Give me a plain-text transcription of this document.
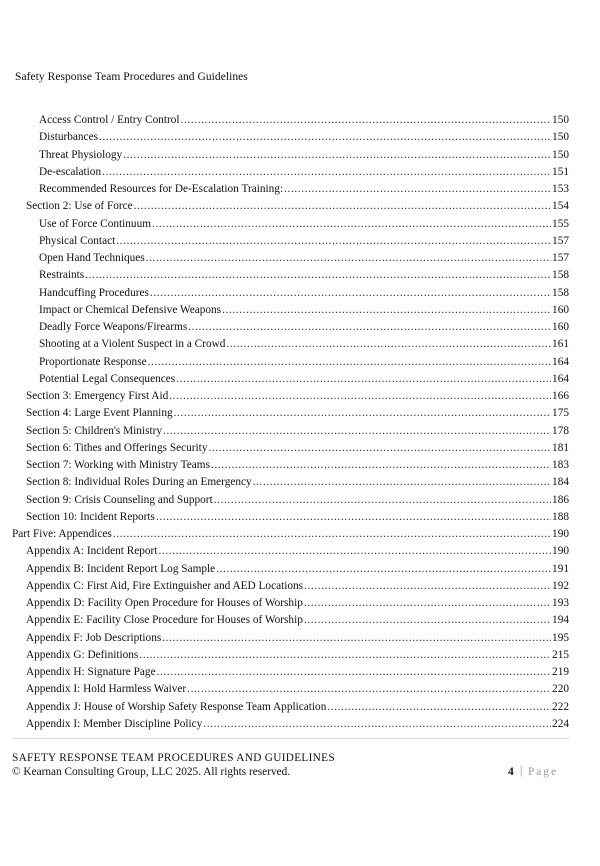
Safety Response Team Procedures and Guidelines
Access Control / Entry Control .....	150
Disturbances .....	150
Threat Physiology .....	150
De-escalation .....	151
Recommended Resources for De-Escalation Training: .....	153
Section 2: Use of Force .....	154
Use of Force Continuum .....	155
Physical Contact .....	157
Open Hand Techniques .....	157
Restraints .....	158
Handcuffing Procedures .....	158
Impact or Chemical Defensive Weapons .....	160
Deadly Force Weapons/Firearms .....	160
Shooting at a Violent Suspect in a Crowd .....	161
Proportionate Response .....	164
Potential Legal Consequences .....	164
Section 3: Emergency First Aid .....	166
Section 4: Large Event Planning .....	175
Section 5: Children's Ministry .....	178
Section 6: Tithes and Offerings Security .....	181
Section 7: Working with Ministry Teams .....	183
Section 8: Individual Roles During an Emergency .....	184
Section 9: Crisis Counseling and Support .....	186
Section 10: Incident Reports .....	188
Part Five: Appendices .....	190
Appendix A: Incident Report .....	190
Appendix B: Incident Report Log Sample .....	191
Appendix C: First Aid, Fire Extinguisher and AED Locations .....	192
Appendix D: Facility Open Procedure for Houses of Worship .....	193
Appendix E: Facility Close Procedure for Houses of Worship .....	194
Appendix F: Job Descriptions .....	195
Appendix G: Definitions .....	215
Appendix H: Signature Page .....	219
Appendix I: Hold Harmless Waiver .....	220
Appendix J: House of Worship Safety Response Team Application .....	222
Appendix I: Member Discipline Policy .....	224
SAFETY RESPONSE TEAM PROCEDURES AND GUIDELINES
© Kearnan Consulting Group, LLC 2025. All rights reserved.	4 | Page
